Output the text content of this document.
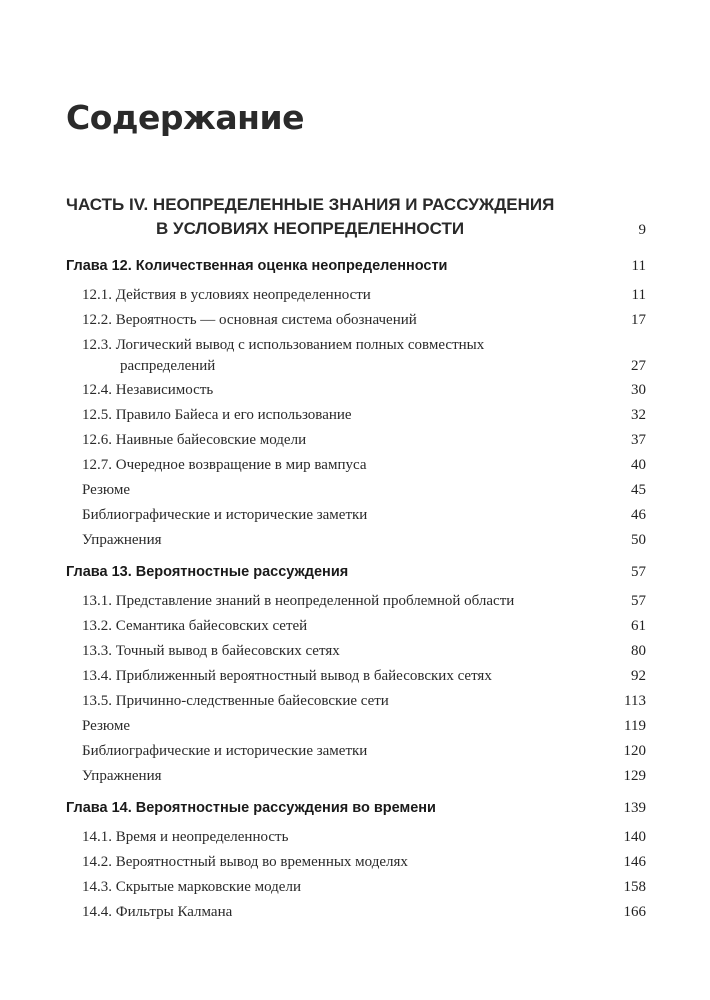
Содержание
ЧАСТЬ IV. НЕОПРЕДЕЛЕННЫЕ ЗНАНИЯ И РАССУЖДЕНИЯ
В УСЛОВИЯХ НЕОПРЕДЕЛЕННОСТИ	9
Глава 12. Количественная оценка неопределенности	11
12.1. Действия в условиях неопределенности	11
12.2. Вероятность — основная система обозначений	17
12.3. Логический вывод с использованием полных совместных
распределений	27
12.4. Независимость	30
12.5. Правило Байеса и его использование	32
12.6. Наивные байесовские модели	37
12.7. Очередное возвращение в мир вампуса	40
Резюме	45
Библиографические и исторические заметки	46
Упражнения	50
Глава 13. Вероятностные рассуждения	57
13.1. Представление знаний в неопределенной проблемной области	57
13.2. Семантика байесовских сетей	61
13.3. Точный вывод в байесовских сетях	80
13.4. Приближенный вероятностный вывод в байесовских сетях	92
13.5. Причинно-следственные байесовские сети	113
Резюме	119
Библиографические и исторические заметки	120
Упражнения	129
Глава 14. Вероятностные рассуждения во времени	139
14.1. Время и неопределенность	140
14.2. Вероятностный вывод во временных моделях	146
14.3. Скрытые марковские модели	158
14.4. Фильтры Калмана	166
